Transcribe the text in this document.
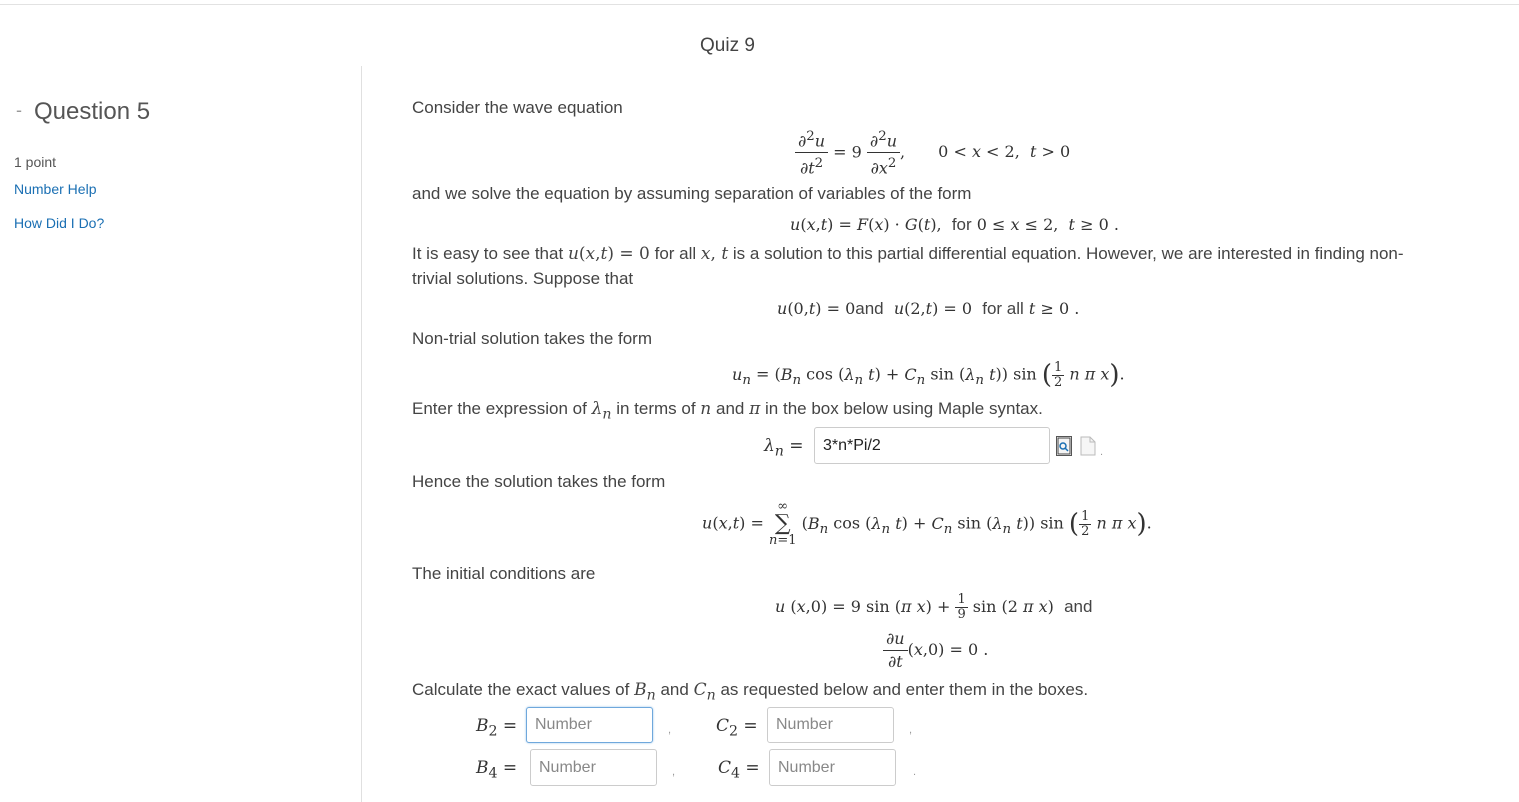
Quiz 9
- Question 5
1 point
Number Help
How Did I Do?
Consider the wave equation
$\frac{\partial^2u}{\partial t^2} = 9 \frac{\partial^2u}{\partial x^2}$ , 0 < x < 2,  t > 0
and we solve the equation by assuming separation of variables of the form
u(x,t) = F(x) · G(t),  for 0 ≤ x ≤ 2,  t ≥ 0 .
It is easy to see that u(x,t) = 0 for all x, t is a solution to this partial differential equation. However, we are interested in finding non-
trivial solutions. Suppose that
u(0,t) = 0and u(2,t) = 0  for all t ≥ 0 .
Non-trial solution takes the form
$u_n = (B_n$ $\cos (\lambda_n$ $t) + C_n$ $\sin (\lambda_n$ t)) sin ( $\frac{1}{2}$ n π x).
Enter the expression of $\lambda_n$ in terms of n and π in the box below using Maple syntax.
$\lambda_n$ =
3*n*Pi/2	.
Hence the solution takes the form
u(x,t) =
∞
∑
n=1
($B_n$ $\cos (\lambda_n$ $t) + C_n$ $\sin (\lambda_n$ t)) sin ( $\frac{1}{2}$ n π x).
The initial conditions are
u (x,0) = 9 sin (π $x) + \frac{1}{9}$ sin (2 π x)  and
$\frac{\partial u}{\partial t} (x,0) = 0$ .
Calculate the exact values of $B_n$ and $C_n$ as requested below and enter them in the boxes.
$B_2$ =
Number	,	$C_2$ =
Number	,
$B_4$ =
Number	,	$C_4$ =
Number	.
